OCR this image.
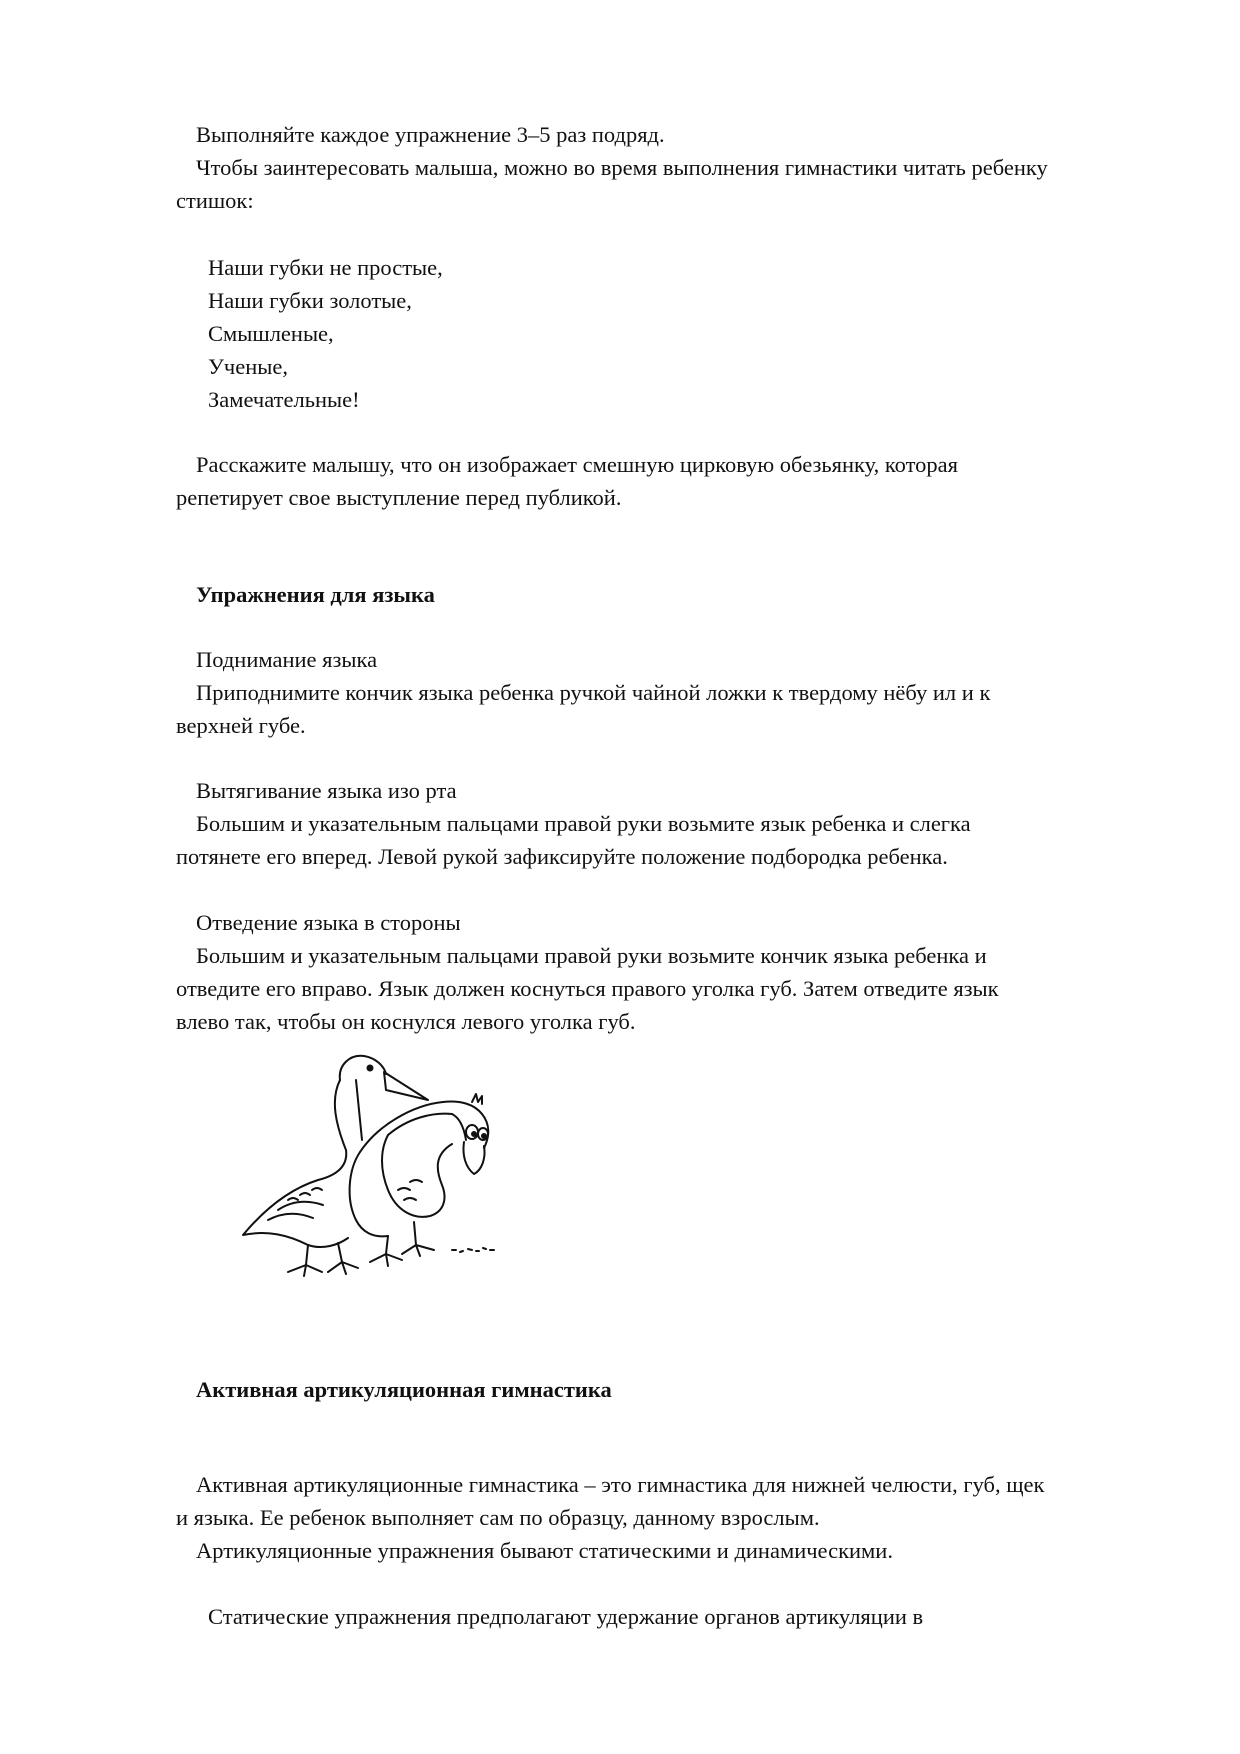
Выполняйте каждое упражнение 3–5 раз подряд.
Чтобы заинтересовать малыша, можно во время выполнения гимнастики читать ребенку
стишок:
Наши губки не простые,
Наши губки золотые,
Смышленые,
Ученые,
Замечательные!
Расскажите малышу, что он изображает смешную цирковую обезьянку, которая
репетирует свое выступление перед публикой.
Упражнения для языка
Поднимание языка
Приподнимите кончик языка ребенка ручкой чайной ложки к твердому нёбу ил и к
верхней губе.
Вытягивание языка изо рта
Большим и указательным пальцами правой руки возьмите язык ребенка и слегка
потянете его вперед. Левой рукой зафиксируйте положение подбородка ребенка.
Отведение языка в стороны
Большим и указательным пальцами правой руки возьмите кончик языка ребенка и
отведите его вправо. Язык должен коснуться правого уголка губ. Затем отведите язык
влево так, чтобы он коснулся левого уголка губ.
Активная артикуляционная гимнастика
Активная артикуляционные гимнастика – это гимнастика для нижней челюсти, губ, щек
и языка. Ее ребенок выполняет сам по образцу, данному взрослым.
Артикуляционные упражнения бывают статическими и динамическими.
Статические упражнения предполагают удержание органов артикуляции в
